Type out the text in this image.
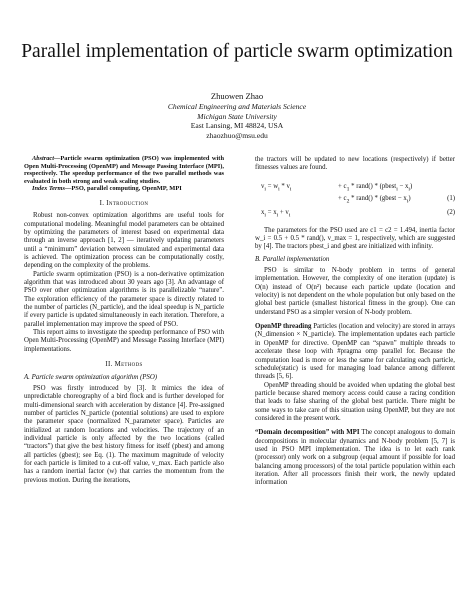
Parallel implementation of particle swarm optimization
Zhuowen Zhao
Chemical Engineering and Materials Science
Michigan State University
East Lansing, MI 48824, USA
zhaozhuo@msu.edu

Abstract—Particle swarm optimization (PSO) was implemented with Open Multi-Processing (OpenMP) and Message Passing Interface (MPI), respectively. The speedup performance of the two parallel methods was evaluated in both strong and weak scaling studies.

Index Terms—PSO, parallel computing, OpenMP, MPI

I. Introduction

Robust non-convex optimization algorithms are useful tools for computational modeling. Meaningful model parameters can be obtained by optimizing the parameters of interest based on experimental data through an inverse approach [1, 2] — iteratively updating parameters until a “minimum” deviation between simulated and experimental data is achieved. The optimization process can be computationally costly, depending on the complexity of the problems.

Particle swarm optimization (PSO) is a non-derivative optimization algorithm that was introduced about 30 years ago [3]. An advantage of PSO over other optimization algorithms is its parallelizable “nature”. The exploration efficiency of the parameter space is directly related to the number of particles (N_particle), and the ideal speedup is N_particle if every particle is updated simultaneously in each iteration. Therefore, a parallel implementation may improve the speed of PSO.

This report aims to investigate the speedup performance of PSO with Open Multi-Processing (OpenMP) and Message Passing Interface (MPI) implementations.

II. Methods
A. Particle swarm optimization algorithm (PSO)

PSO was firstly introduced by [3]. It mimics the idea of unpredictable choreography of a bird flock and is further developed for multi-dimensional search with acceleration by distance [4]. Pre-assigned number of particles N_particle (potential solutions) are used to explore the parameter space (normalized N_parameter space). Particles are initialized at random locations and velocities. The trajectory of an individual particle is only affected by the two locations (called “tractors”) that give the best history fitness for itself (pbest) and among all particles (gbest); see Eq. (1). The maximum magnitude of velocity for each particle is limited to a cut-off value, v_max. Each particle also has a random inertial factor (w) that carries the momentum from the previous motion. During the iterations,

the tractors will be updated to new locations (respectively) if better fitnesses values are found.

$v_i = w_i * v_i$	+ $c_1$ * rand() * (pbest$_i$ − $x_i$)
+ $c_2$ * rand() * (gbest − $x_i$)
$x_i = x_i + v_i$
(1)
(2)

The parameters for the PSO used are c1 = c2 = 1.494, inertia factor w_i = 0.5 + 0.5 * rand(), v_max = 1, respectively, which are suggested by [4]. The tractors pbest_i and gbest are initialized with infinity.

B. Parallel implementation

PSO is similar to N-body problem in terms of general implementation. However, the complexity of one iteration (update) is O(n) instead of O(n²) because each particle update (location and velocity) is not dependent on the whole population but only based on the global best particle (smallest historical fitness in the group). One can understand PSO as a simpler version of N-body problem.

OpenMP threading Particles (location and velocity) are stored in arrays (N_dimension × N_particle). The implementation updates each particle in OpenMP for directive. OpenMP can “spawn” multiple threads to accelerate these loop with #pragma omp parallel for. Because the computation load is more or less the same for calculating each particle, schedule(static) is used for managing load balance among different threads [5, 6].

OpenMP threading should be avoided when updating the global best particle because shared memory access could cause a racing condition that leads to false sharing of the global best particle. There might be some ways to take care of this situation using OpenMP, but they are not considered in the present work.

“Domain decomposition” with MPI The concept analogous to domain decompositions in molecular dynamics and N-body problem [5, 7] is used in PSO MPI implementation. The idea is to let each rank (processor) only work on a subgroup (equal amount if possible for load balancing among processors) of the total particle population within each iteration. After all processors finish their work, the newly updated information
